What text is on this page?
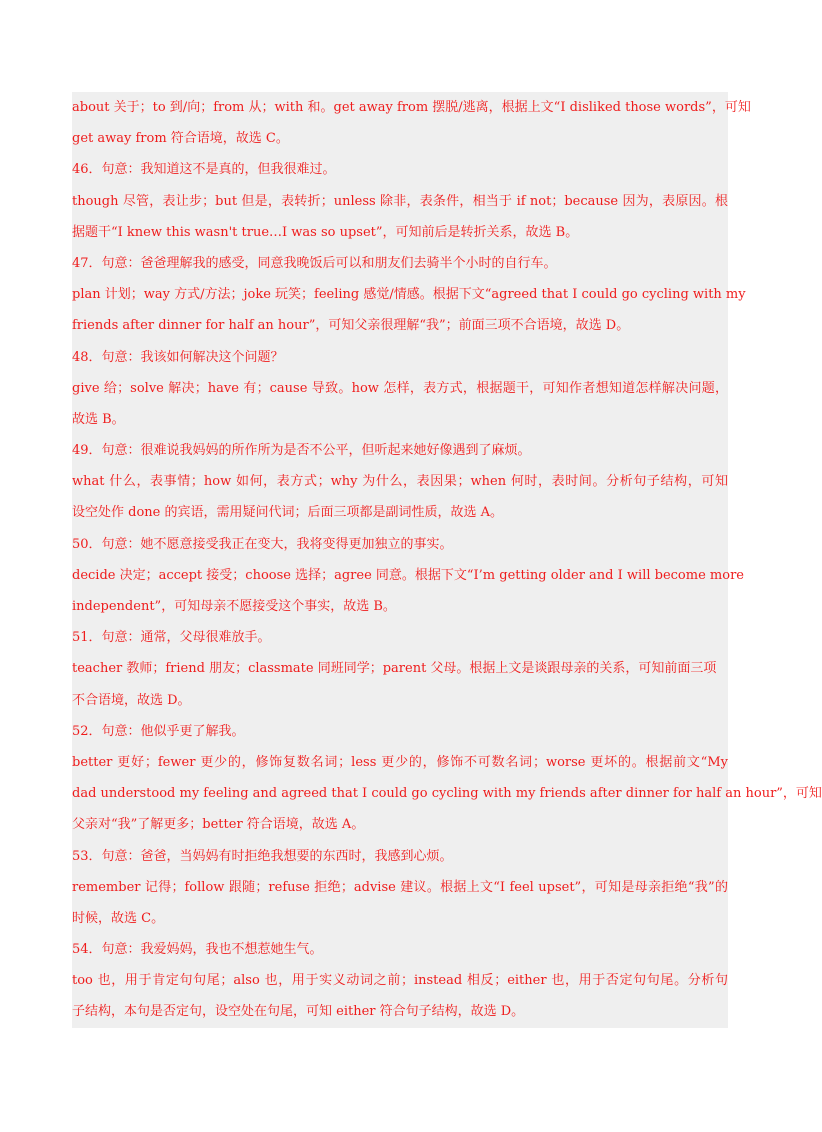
about 关于；to 到/向；from 从；with 和。get away from 摆脱/逃离，根据上文“I disliked those words”，可知
get away from 符合语境，故选 C。
46．句意：我知道这不是真的，但我很难过。
though 尽管，表让步；but 但是，表转折；unless 除非，表条件，相当于 if not；because 因为，表原因。根
据题干“I knew this wasn't true…I was so upset”，可知前后是转折关系，故选 B。
47．句意：爸爸理解我的感受，同意我晚饭后可以和朋友们去骑半个小时的自行车。
plan 计划；way 方式/方法；joke 玩笑；feeling 感觉/情感。根据下文“agreed that I could go cycling with my
friends after dinner for half an hour”，可知父亲很理解“我”；前面三项不合语境，故选 D。
48．句意：我该如何解决这个问题？
give 给；solve 解决；have 有；cause 导致。how 怎样，表方式，根据题干，可知作者想知道怎样解决问题，
故选 B。
49．句意：很难说我妈妈的所作所为是否不公平，但听起来她好像遇到了麻烦。
what 什么，表事情；how 如何，表方式；why 为什么，表因果；when 何时，表时间。分析句子结构，可知
设空处作 done 的宾语，需用疑问代词；后面三项都是副词性质，故选 A。
50．句意：她不愿意接受我正在变大，我将变得更加独立的事实。
decide 决定；accept 接受；choose 选择；agree 同意。根据下文“I’m getting older and I will become more
independent”，可知母亲不愿接受这个事实，故选 B。
51．句意：通常，父母很难放手。
teacher 教师；friend 朋友；classmate 同班同学；parent 父母。根据上文是谈跟母亲的关系，可知前面三项
不合语境，故选 D。
52．句意：他似乎更了解我。
better 更好；fewer 更少的，修饰复数名词；less 更少的，修饰不可数名词；worse 更坏的。根据前文“My
dad understood my feeling and agreed that I could go cycling with my friends after dinner for half an hour”，可知
父亲对“我”了解更多；better 符合语境，故选 A。
53．句意：爸爸，当妈妈有时拒绝我想要的东西时，我感到心烦。
remember 记得；follow 跟随；refuse 拒绝；advise 建议。根据上文“I feel upset”，可知是母亲拒绝“我”的
时候，故选 C。
54．句意：我爱妈妈，我也不想惹她生气。
too 也，用于肯定句句尾；also 也，用于实义动词之前；instead 相反；either 也，用于否定句句尾。分析句
子结构，本句是否定句，设空处在句尾，可知 either 符合句子结构，故选 D。
